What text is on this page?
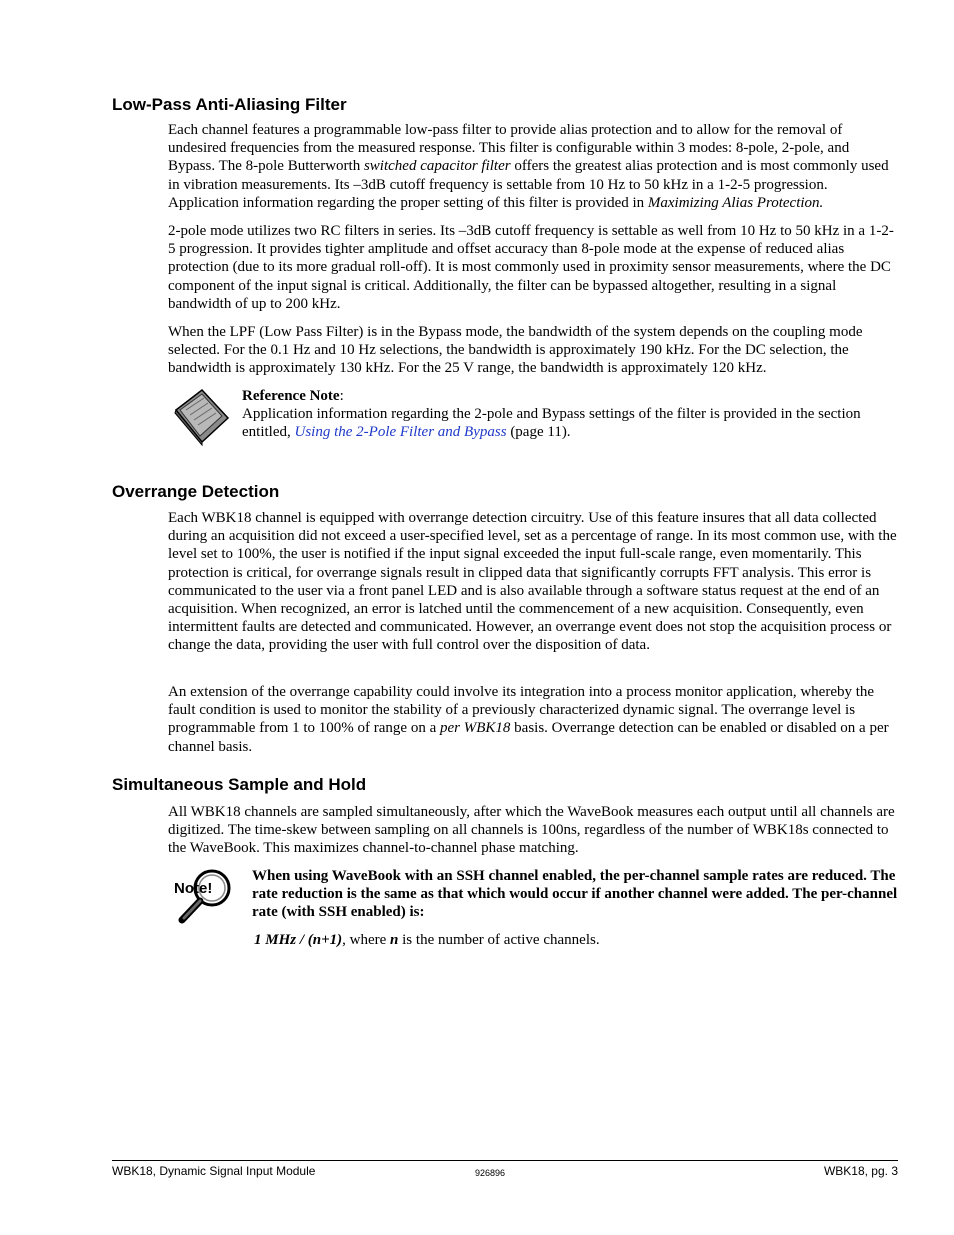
Low-Pass Anti-Aliasing Filter

Each channel features a programmable low-pass filter to provide alias protection and to allow for the removal of undesired frequencies from the measured response. This filter is configurable within 3 modes: 8-pole, 2-pole, and Bypass. The 8-pole Butterworth switched capacitor filter offers the greatest alias protection and is most commonly used in vibration measurements. Its –3dB cutoff frequency is settable from 10 Hz to 50 kHz in a 1-2-5 progression. Application information regarding the proper setting of this filter is provided in Maximizing Alias Protection.

2-pole mode utilizes two RC filters in series. Its –3dB cutoff frequency is settable as well from 10 Hz to 50 kHz in a 1-2-5 progression. It provides tighter amplitude and offset accuracy than 8-pole mode at the expense of reduced alias protection (due to its more gradual roll-off). It is most commonly used in proximity sensor measurements, where the DC component of the input signal is critical. Additionally, the filter can be bypassed altogether, resulting in a signal bandwidth of up to 200 kHz.

When the LPF (Low Pass Filter) is in the Bypass mode, the bandwidth of the system depends on the coupling mode selected. For the 0.1 Hz and 10 Hz selections, the bandwidth is approximately 190 kHz. For the DC selection, the bandwidth is approximately 130 kHz. For the 25 V range, the bandwidth is approximately 120 kHz.

Reference Note:
Application information regarding the 2-pole and Bypass settings of the filter is provided in the section entitled, Using the 2-Pole Filter and Bypass (page 11).

Overrange Detection

Each WBK18 channel is equipped with overrange detection circuitry. Use of this feature insures that all data collected during an acquisition did not exceed a user-specified level, set as a percentage of range. In its most common use, with the level set to 100%, the user is notified if the input signal exceeded the input full-scale range, even momentarily. This protection is critical, for overrange signals result in clipped data that significantly corrupts FFT analysis. This error is communicated to the user via a front panel LED and is also available through a software status request at the end of an acquisition. When recognized, an error is latched until the commencement of a new acquisition. Consequently, even intermittent faults are detected and communicated. However, an overrange event does not stop the acquisition process or change the data, providing the user with full control over the disposition of data.

An extension of the overrange capability could involve its integration into a process monitor application, whereby the fault condition is used to monitor the stability of a previously characterized dynamic signal. The overrange level is programmable from 1 to 100% of range on a per WBK18 basis. Overrange detection can be enabled or disabled on a per channel basis.

Simultaneous Sample and Hold

All WBK18 channels are sampled simultaneously, after which the WaveBook measures each output until all channels are digitized. The time-skew between sampling on all channels is 100ns, regardless of the number of WBK18s connected to the WaveBook. This maximizes channel-to-channel phase matching.

Note!

When using WaveBook with an SSH channel enabled, the per-channel sample rates are reduced. The rate reduction is the same as that which would occur if another channel were added. The per-channel rate (with SSH enabled) is:

1 MHz / (n+1), where n is the number of active channels.

WBK18, Dynamic Signal Input Module	926896	WBK18, pg. 3
